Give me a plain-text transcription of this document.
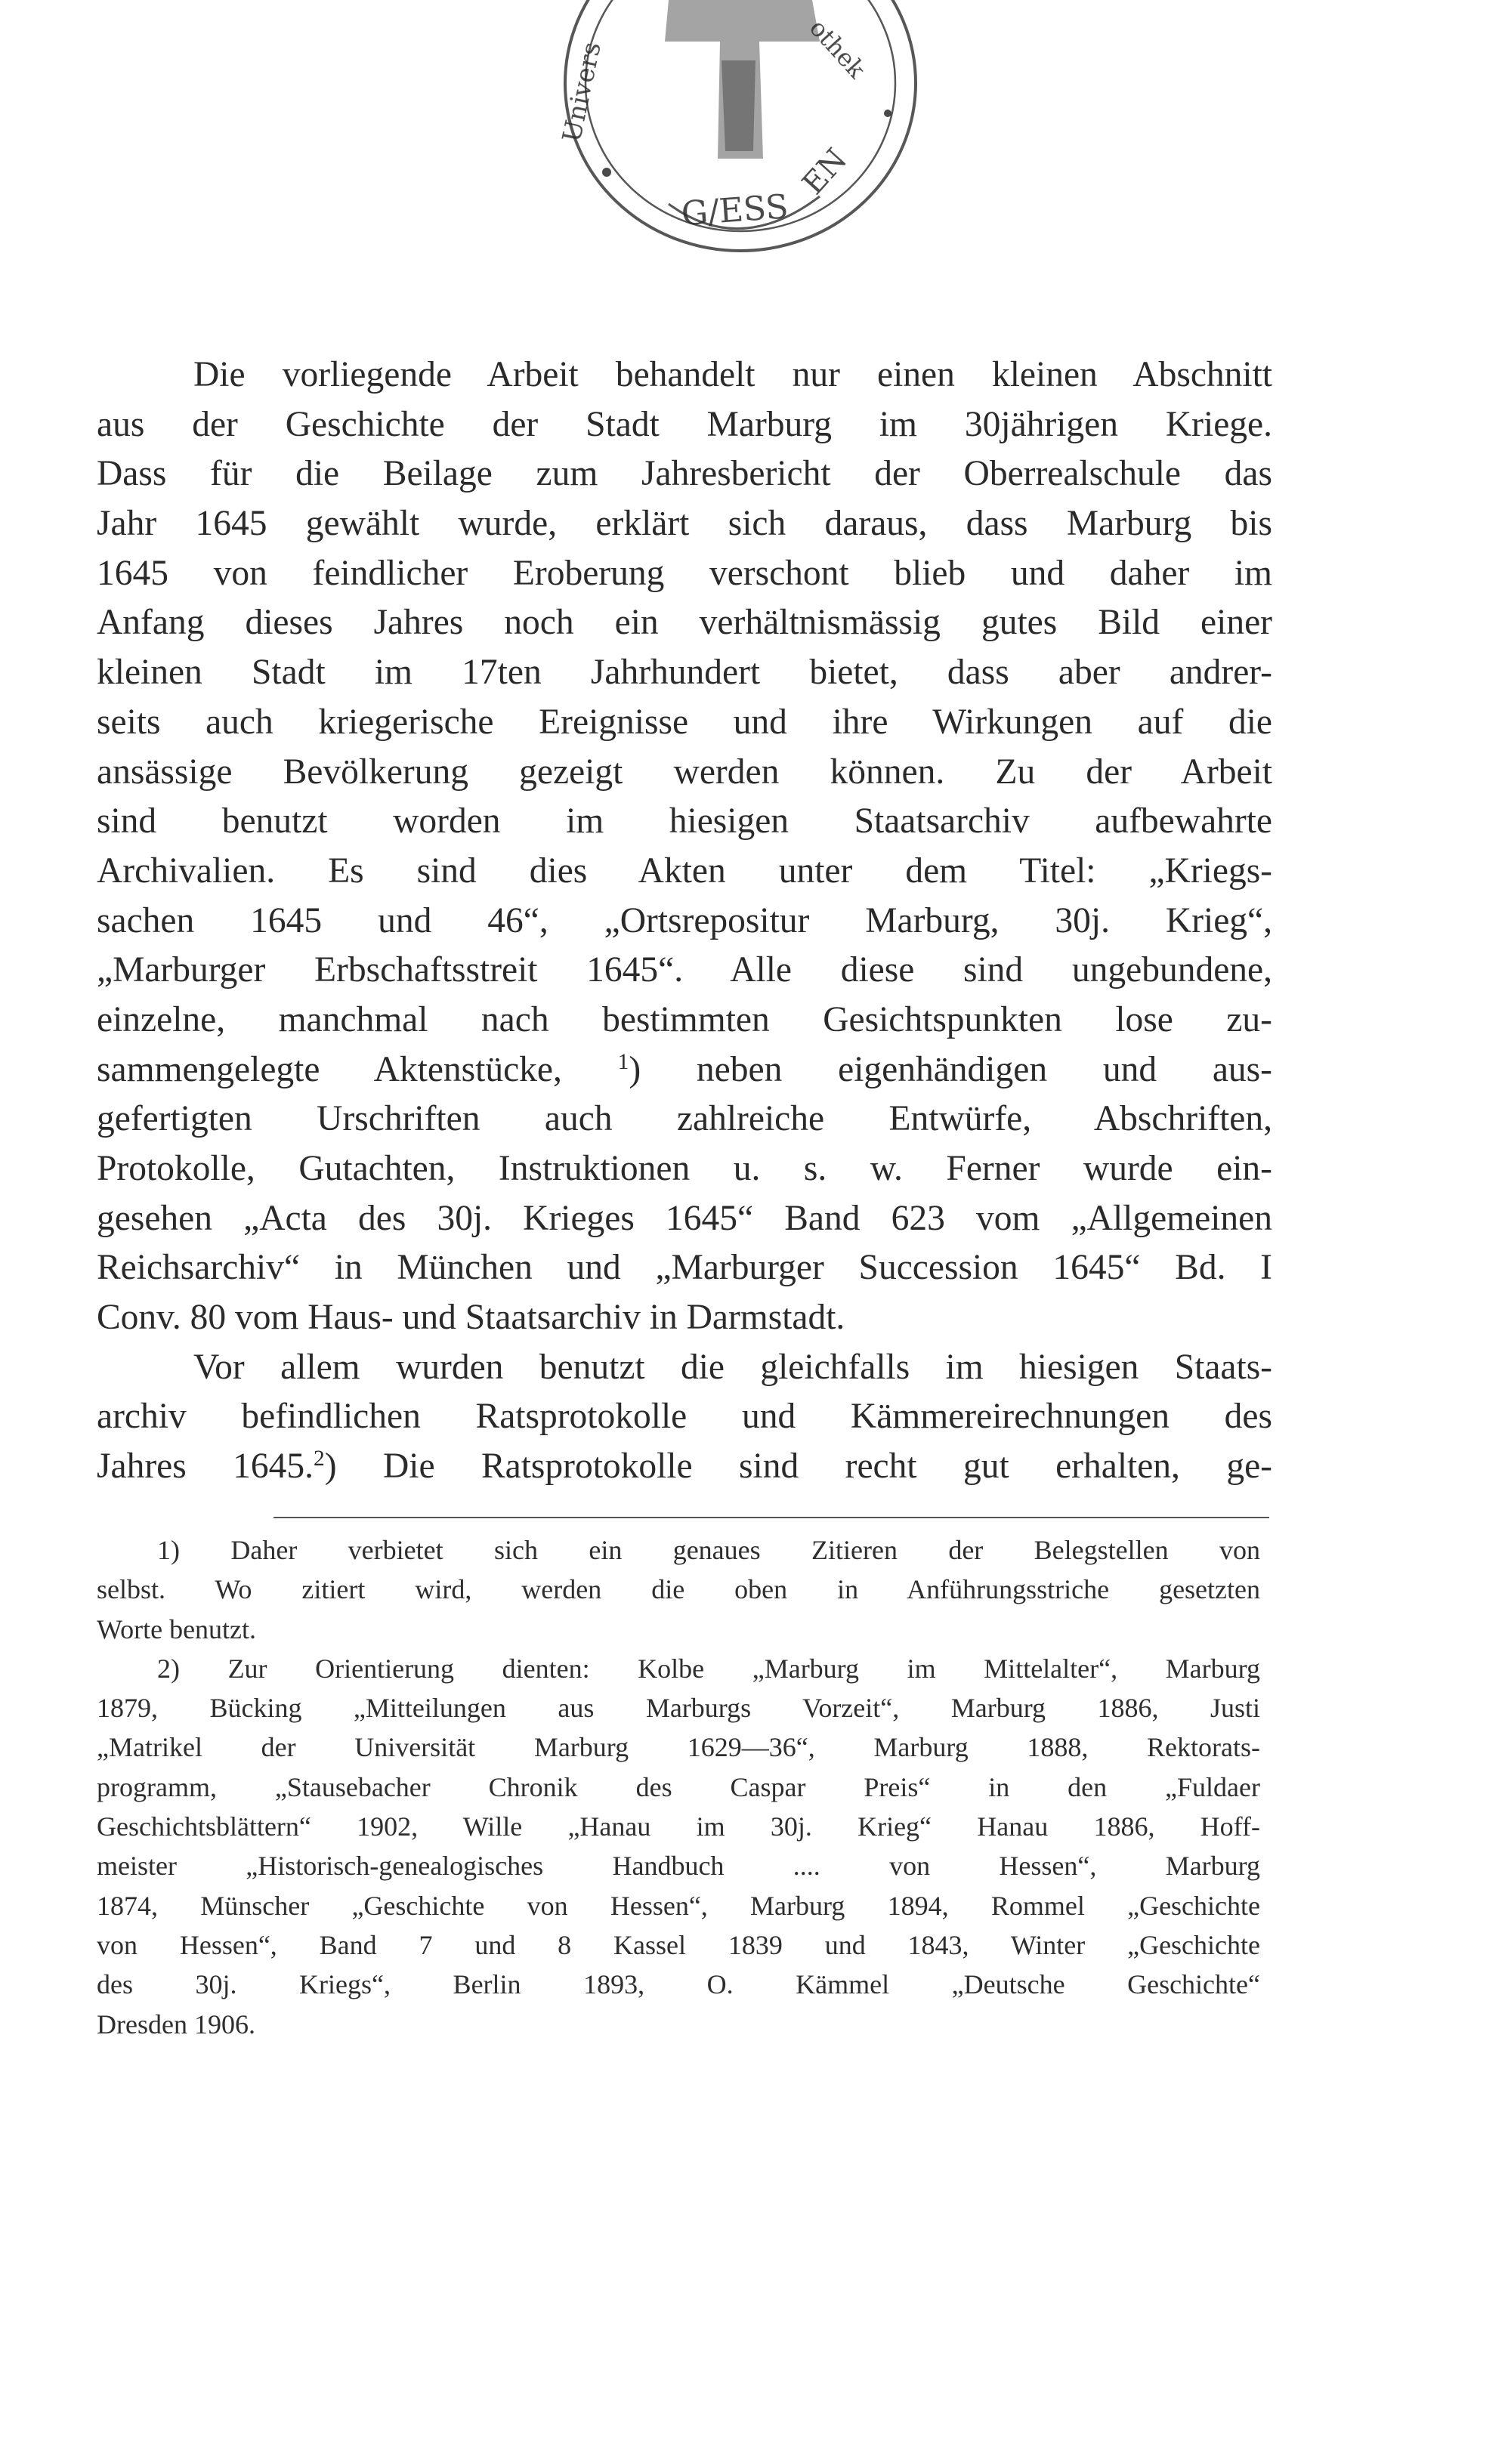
Univers	othek
G/ESS
EN
Die vorliegende Arbeit behandelt nur einen kleinen Abschnitt
aus der Geschichte der Stadt Marburg im 30jährigen Kriege.
Dass für die Beilage zum Jahresbericht der Oberrealschule das
Jahr 1645 gewählt wurde, erklärt sich daraus, dass Marburg bis
1645 von feindlicher Eroberung verschont blieb und daher im
Anfang dieses Jahres noch ein verhältnismässig gutes Bild einer
kleinen Stadt im 17ten Jahrhundert bietet, dass aber andrer-
seits auch kriegerische Ereignisse und ihre Wirkungen auf die
ansässige Bevölkerung gezeigt werden können. Zu der Arbeit
sind benutzt worden im hiesigen Staatsarchiv aufbewahrte
Archivalien. Es sind dies Akten unter dem Titel: „Kriegs-
sachen 1645 und 46“, „Ortsrepositur Marburg, 30j. Krieg“,
„Marburger Erbschaftsstreit 1645“. Alle diese sind ungebundene,
einzelne, manchmal nach bestimmten Gesichtspunkten lose zu-
sammengelegte Aktenstücke, $^1$) neben eigenhändigen und aus-
gefertigten Urschriften auch zahlreiche Entwürfe, Abschriften,
Protokolle, Gutachten, Instruktionen u. s. w. Ferner wurde ein-
gesehen „Acta des 30j. Krieges 1645“ Band 623 vom „Allgemeinen
Reichsarchiv“ in München und „Marburger Succession 1645“ Bd. I
Conv. 80 vom Haus- und Staatsarchiv in Darmstadt.
Vor allem wurden benutzt die gleichfalls im hiesigen Staats-
archiv befindlichen Ratsprotokolle und Kämmereirechnungen des
Jahres 1645.$^2$) Die Ratsprotokolle sind recht gut erhalten, ge-
1) Daher verbietet sich ein genaues Zitieren der Belegstellen von
selbst. Wo zitiert wird, werden die oben in Anführungsstriche gesetzten
Worte benutzt.
2) Zur Orientierung dienten: Kolbe „Marburg im Mittelalter“, Marburg
1879, Bücking „Mitteilungen aus Marburgs Vorzeit“, Marburg 1886, Justi
„Matrikel der Universität Marburg 1629—36“, Marburg 1888, Rektorats-
programm, „Stausebacher Chronik des Caspar Preis“ in den „Fuldaer
Geschichtsblättern“ 1902, Wille „Hanau im 30j. Krieg“ Hanau 1886, Hoff-
meister „Historisch-genealogisches Handbuch .... von Hessen“, Marburg
1874, Münscher „Geschichte von Hessen“, Marburg 1894, Rommel „Geschichte
von Hessen“, Band 7 und 8 Kassel 1839 und 1843, Winter „Geschichte
des 30j. Kriegs“, Berlin 1893, O. Kämmel „Deutsche Geschichte“
Dresden 1906.
